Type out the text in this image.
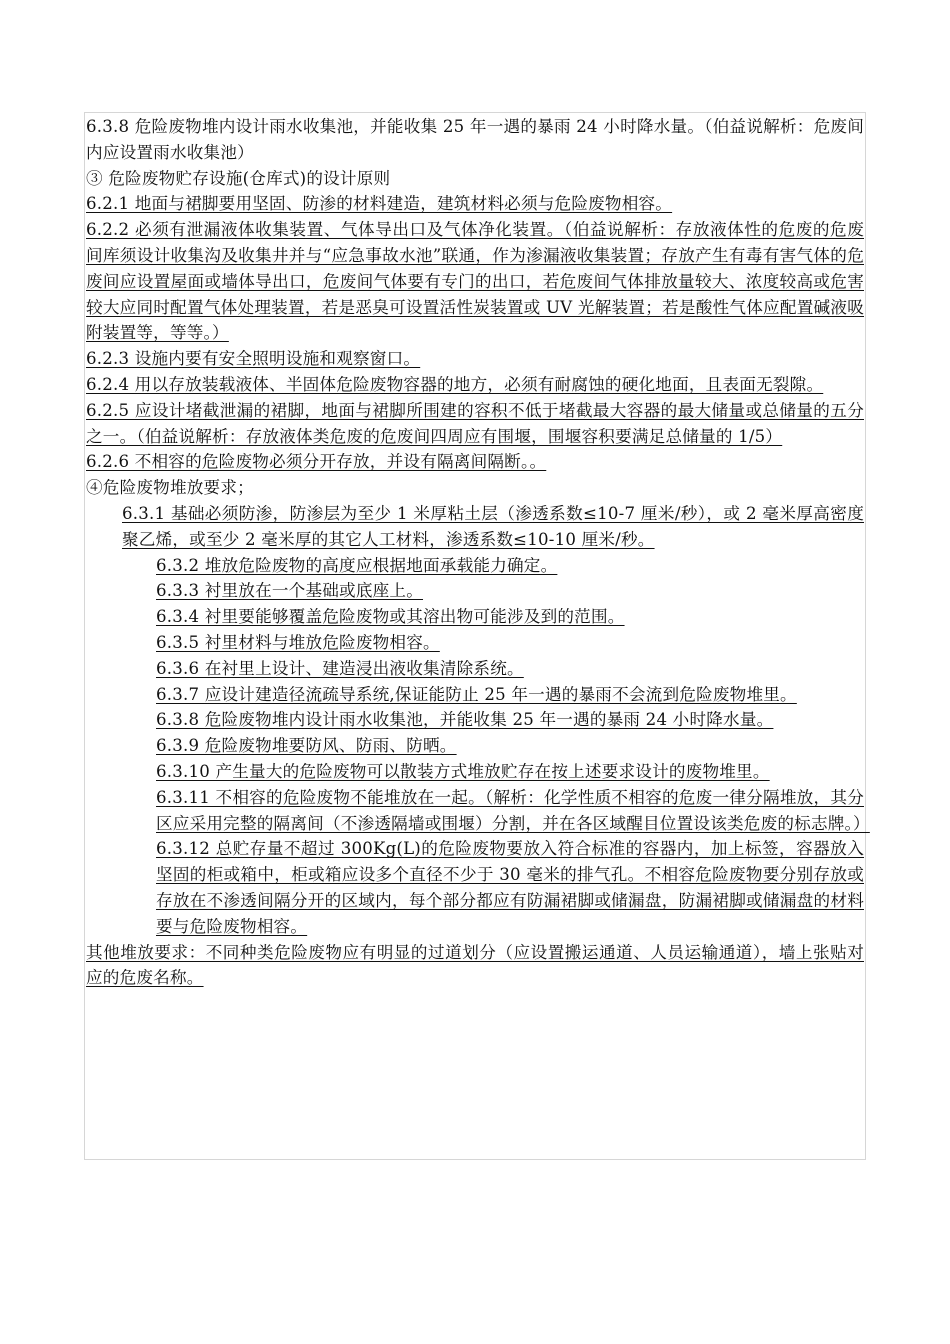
6.3.8 危险废物堆内设计雨水收集池，并能收集 25 年一遇的暴雨 24 小时降水量。（伯益说解析：危废间内应设置雨水收集池）

③ 危险废物贮存设施(仓库式)的设计原则

6.2.1 地面与裙脚要用坚固、防渗的材料建造，建筑材料必须与危险废物相容。

6.2.2 必须有泄漏液体收集装置、气体导出口及气体净化装置。（伯益说解析：存放液体性的危废的危废间库须设计收集沟及收集井并与“应急事故水池”联通，作为渗漏液收集装置；存放产生有毒有害气体的危废间应设置屋面或墙体导出口，危废间气体要有专门的出口，若危废间气体排放量较大、浓度较高或危害较大应同时配置气体处理装置，若是恶臭可设置活性炭装置或 UV 光解装置；若是酸性气体应配置碱液吸附装置等，等等。）

6.2.3 设施内要有安全照明设施和观察窗口。

6.2.4 用以存放装载液体、半固体危险废物容器的地方，必须有耐腐蚀的硬化地面，且表面无裂隙。

6.2.5 应设计堵截泄漏的裙脚，地面与裙脚所围建的容积不低于堵截最大容器的最大储量或总储量的五分之一。（伯益说解析：存放液体类危废的危废间四周应有围堰，围堰容积要满足总储量的 1/5）

6.2.6 不相容的危险废物必须分开存放，并设有隔离间隔断。。

④危险废物堆放要求；

6.3.1 基础必须防渗，防渗层为至少 1 米厚粘土层（渗透系数≤10-7 厘米/秒），或 2 毫米厚高密度聚乙烯，或至少 2 毫米厚的其它人工材料，渗透系数≤10-10 厘米/秒。

6.3.2 堆放危险废物的高度应根据地面承载能力确定。

6.3.3 衬里放在一个基础或底座上。

6.3.4 衬里要能够覆盖危险废物或其溶出物可能涉及到的范围。

6.3.5 衬里材料与堆放危险废物相容。

6.3.6 在衬里上设计、建造浸出液收集清除系统。

6.3.7 应设计建造径流疏导系统,保证能防止 25 年一遇的暴雨不会流到危险废物堆里。

6.3.8 危险废物堆内设计雨水收集池，并能收集 25 年一遇的暴雨 24 小时降水量。

6.3.9 危险废物堆要防风、防雨、防晒。

6.3.10 产生量大的危险废物可以散装方式堆放贮存在按上述要求设计的废物堆里。

6.3.11 不相容的危险废物不能堆放在一起。（解析：化学性质不相容的危废一律分隔堆放，其分区应采用完整的隔离间（不渗透隔墙或围堰）分割，并在各区域醒目位置设该类危废的标志牌。）

6.3.12 总贮存量不超过 300Kg(L)的危险废物要放入符合标准的容器内，加上标签，容器放入坚固的柜或箱中，柜或箱应设多个直径不少于 30 毫米的排气孔。不相容危险废物要分别存放或存放在不渗透间隔分开的区域内，每个部分都应有防漏裙脚或储漏盘，防漏裙脚或储漏盘的材料要与危险废物相容。

其他堆放要求：不同种类危险废物应有明显的过道划分（应设置搬运通道、人员运输通道），墙上张贴对应的危废名称。
